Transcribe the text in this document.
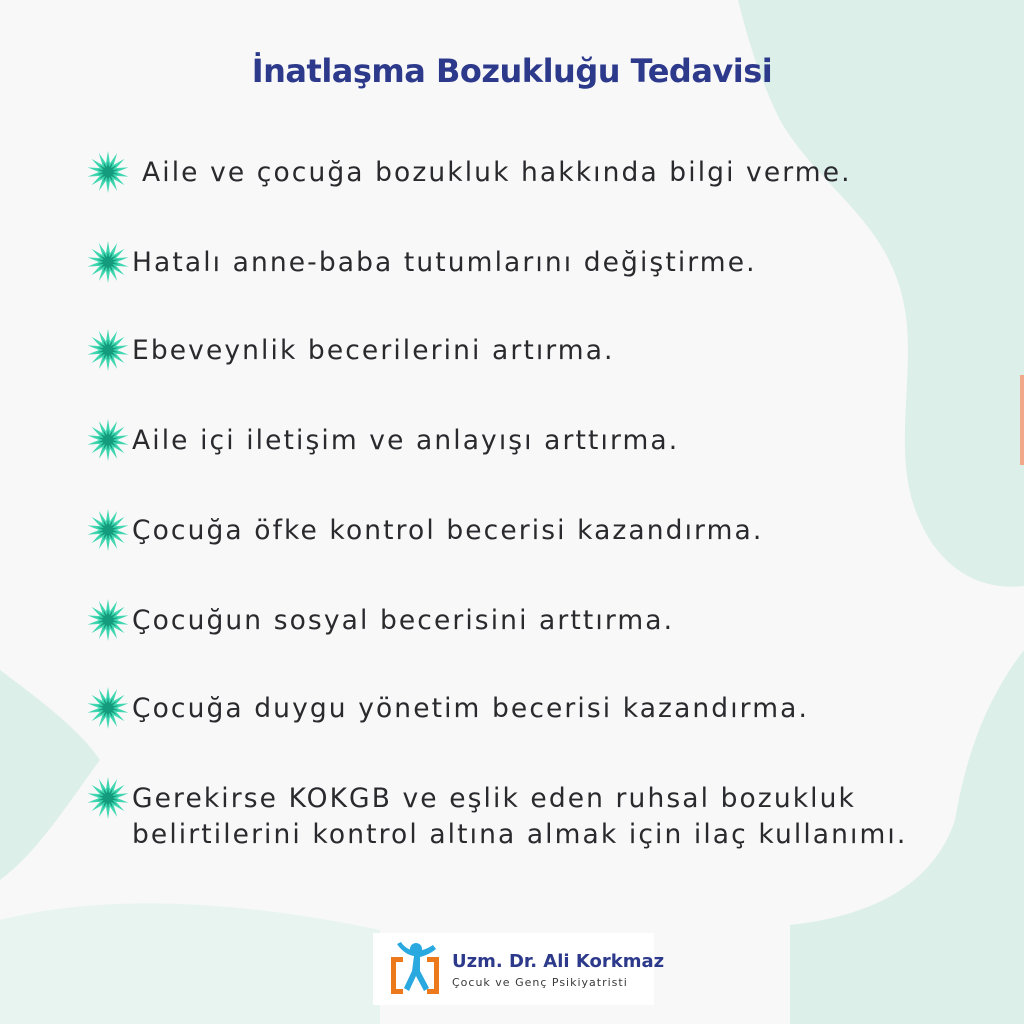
İnatlaşma Bozukluğu Tedavisi
Aile ve çocuğa bozukluk hakkında bilgi verme.
Hatalı anne-baba tutumlarını değiştirme.
Ebeveynlik becerilerini artırma.
Aile içi iletişim ve anlayışı arttırma.
Çocuğa öfke kontrol becerisi kazandırma.
Çocuğun sosyal becerisini arttırma.
Çocuğa duygu yönetim becerisi kazandırma.
Gerekirse KOKGB ve eşlik eden ruhsal bozukluk belirtilerini kontrol altına almak için ilaç kullanımı.
Uzm. Dr. Ali Korkmaz
Çocuk ve Genç Psikiyatristi
